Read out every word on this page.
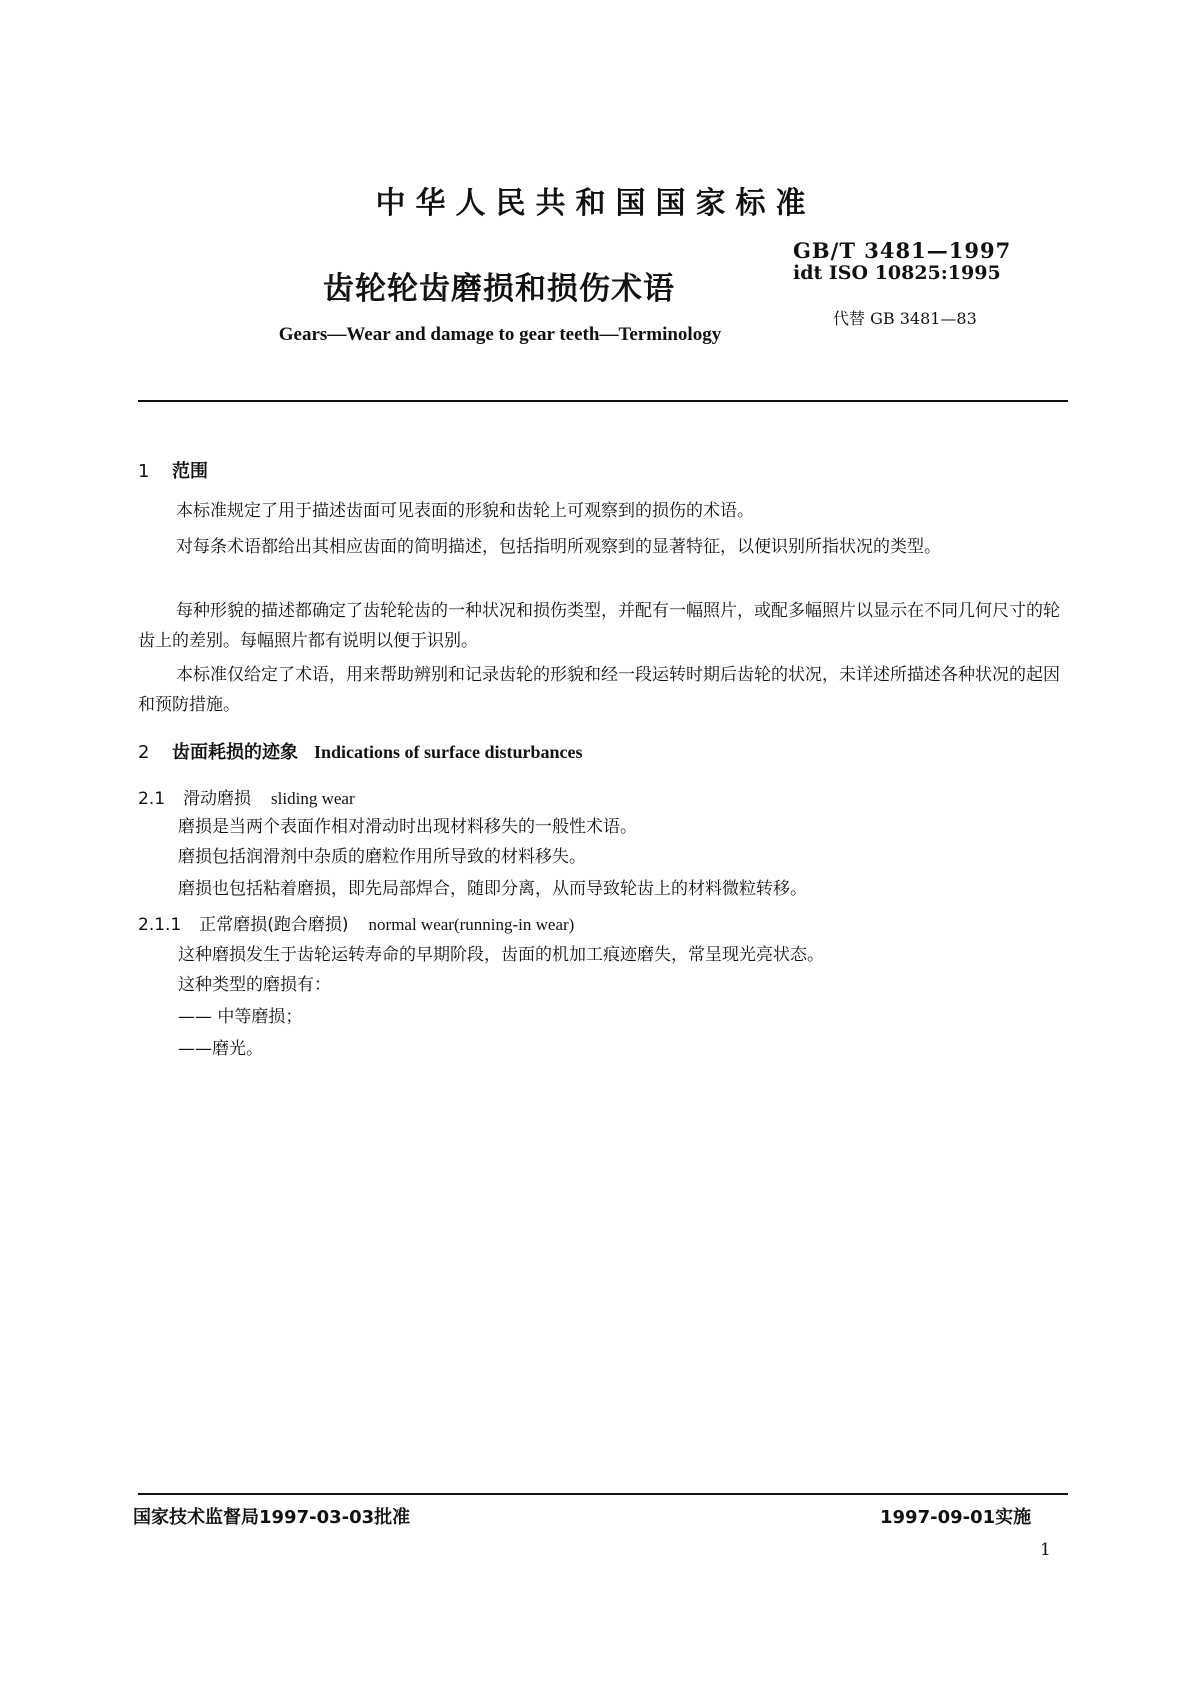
中华人民共和国国家标准
GB/T 3481—1997
idt ISO 10825:1995
齿轮轮齿磨损和损伤术语
代替 GB 3481—83
Gears—Wear and damage to gear teeth—Terminology
1 范围
本标准规定了用于描述齿面可见表面的形貌和齿轮上可观察到的损伤的术语。
对每条术语都给出其相应齿面的简明描述，包括指明所观察到的显著特征，以便识别所指状况的类型。
每种形貌的描述都确定了齿轮轮齿的一种状况和损伤类型，并配有一幅照片，或配多幅照片以显示在不同几何尺寸的轮齿上的差别。每幅照片都有说明以便于识别。
本标准仅给定了术语，用来帮助辨别和记录齿轮的形貌和经一段运转时期后齿轮的状况，未详述所描述各种状况的起因和预防措施。
2 齿面耗损的迹象 Indications of surface disturbances
2.1 滑动磨损 sliding wear
磨损是当两个表面作相对滑动时出现材料移失的一般性术语。
磨损包括润滑剂中杂质的磨粒作用所导致的材料移失。
磨损也包括粘着磨损，即先局部焊合，随即分离，从而导致轮齿上的材料微粒转移。
2.1.1 正常磨损(跑合磨损) normal wear(running-in wear)
这种磨损发生于齿轮运转寿命的早期阶段，齿面的机加工痕迹磨失，常呈现光亮状态。
这种类型的磨损有：
—— 中等磨损；
——磨光。
国家技术监督局1997-03-03批准	1997-09-01实施
1
